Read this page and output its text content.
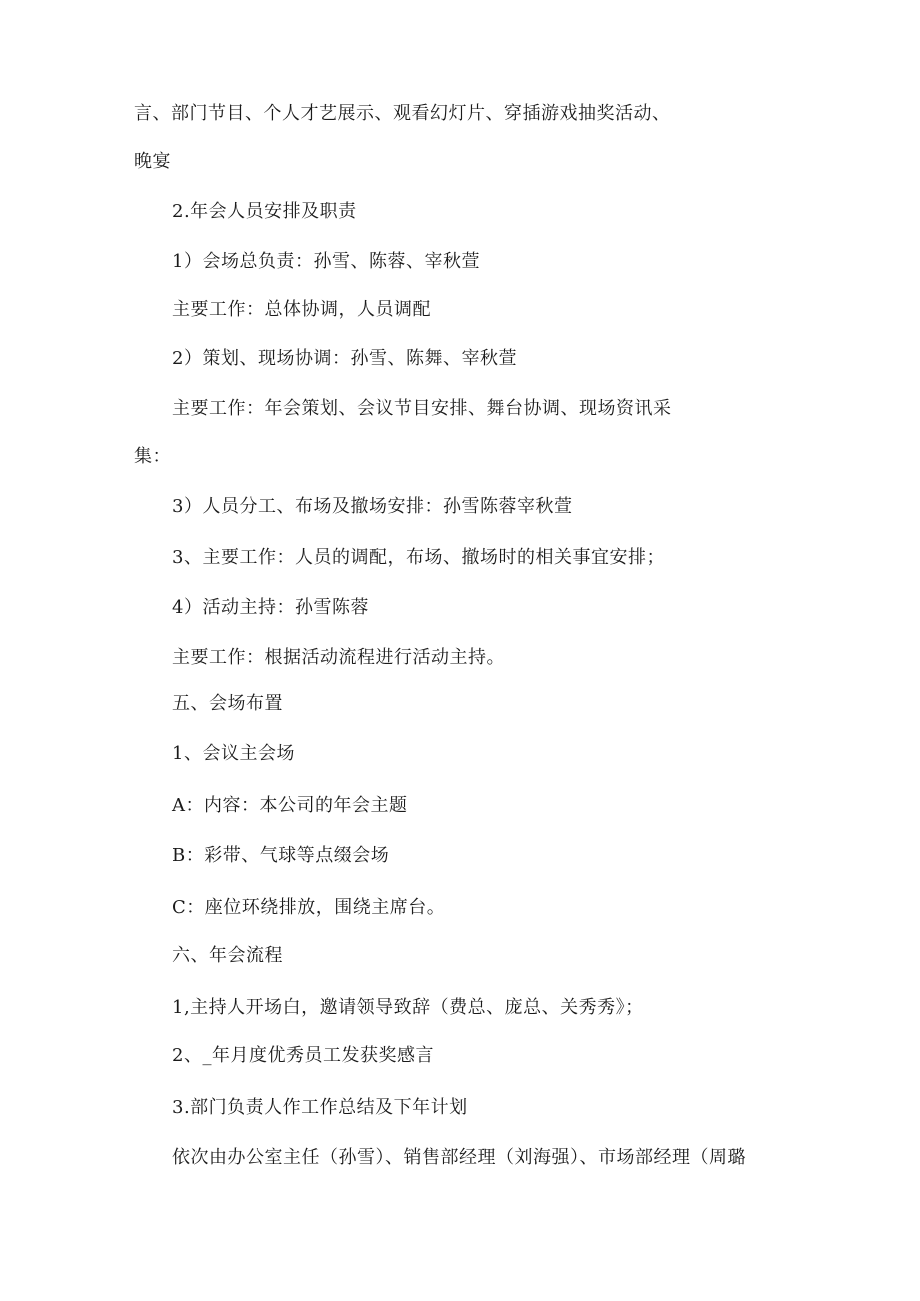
言、部门节目、个人才艺展示、观看幻灯片、穿插游戏抽奖活动、
晚宴
2.年会人员安排及职责
1）会场总负责：孙雪、陈蓉、宰秋萱
主要工作：总体协调，人员调配
2）策划、现场协调：孙雪、陈舞、宰秋萱
主要工作：年会策划、会议节目安排、舞台协调、现场资讯采
集：
3）人员分工、布场及撤场安排：孙雪陈蓉宰秋萱
3、主要工作：人员的调配，布场、撤场时的相关事宜安排；
4）活动主持：孙雪陈蓉
主要工作：根据活动流程进行活动主持。
五、会场布置
1、会议主会场
A：内容：本公司的年会主题
B：彩带、气球等点缀会场
C：座位环绕排放，围绕主席台。
六、年会流程
1,主持人开场白，邀请领导致辞（费总、庞总、关秀秀》；
2、_年月度优秀员工发获奖感言
3.部门负责人作工作总结及下年计划
依次由办公室主任（孙雪）、销售部经理（刘海强）、市场部经理（周璐
